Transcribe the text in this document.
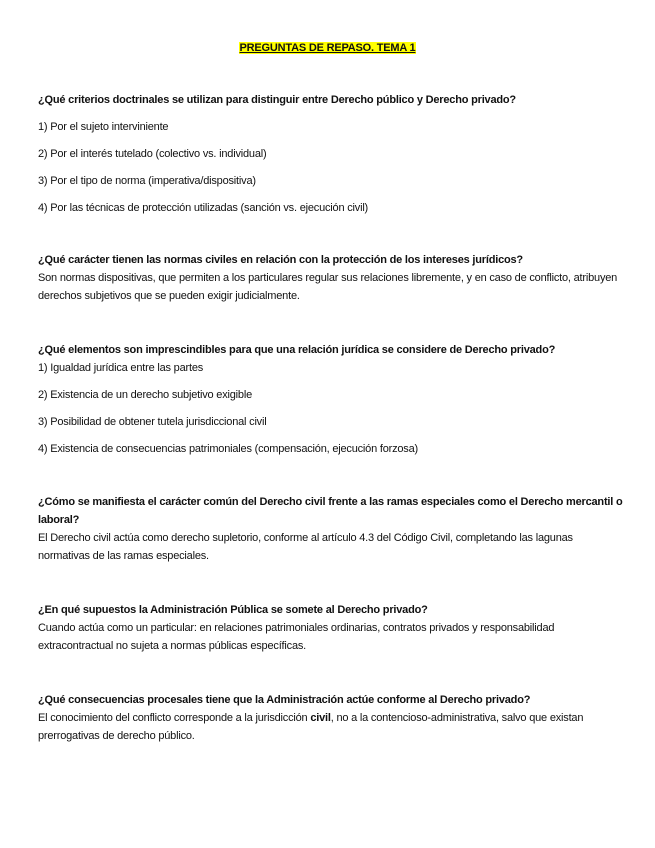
PREGUNTAS DE REPASO. TEMA 1

¿Qué criterios doctrinales se utilizan para distinguir entre Derecho público y Derecho privado?

1) Por el sujeto interviniente

2) Por el interés tutelado (colectivo vs. individual)

3) Por el tipo de norma (imperativa/dispositiva)

4) Por las técnicas de protección utilizadas (sanción vs. ejecución civil)

¿Qué carácter tienen las normas civiles en relación con la protección de los intereses jurídicos?

Son normas dispositivas, que permiten a los particulares regular sus relaciones libremente, y en caso de conflicto, atribuyen derechos subjetivos que se pueden exigir judicialmente.

¿Qué elementos son imprescindibles para que una relación jurídica se considere de Derecho privado?

1) Igualdad jurídica entre las partes

2) Existencia de un derecho subjetivo exigible

3) Posibilidad de obtener tutela jurisdiccional civil

4) Existencia de consecuencias patrimoniales (compensación, ejecución forzosa)

¿Cómo se manifiesta el carácter común del Derecho civil frente a las ramas especiales como el Derecho mercantil o laboral?

El Derecho civil actúa como derecho supletorio, conforme al artículo 4.3 del Código Civil, completando las lagunas normativas de las ramas especiales.

¿En qué supuestos la Administración Pública se somete al Derecho privado?

Cuando actúa como un particular: en relaciones patrimoniales ordinarias, contratos privados y responsabilidad extracontractual no sujeta a normas públicas específicas.

¿Qué consecuencias procesales tiene que la Administración actúe conforme al Derecho privado?

El conocimiento del conflicto corresponde a la jurisdicción civil, no a la contencioso-administrativa, salvo que existan prerrogativas de derecho público.
